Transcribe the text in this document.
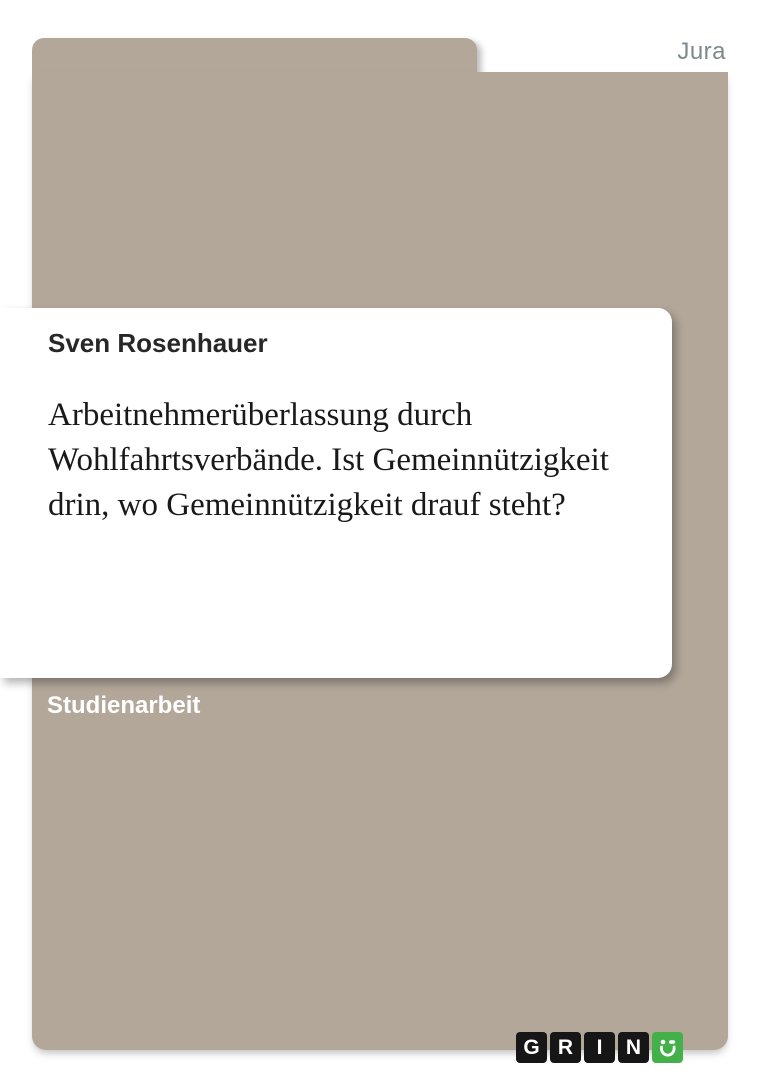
Jura
Sven Rosenhauer
Arbeitnehmerüberlassung durch
Wohlfahrtsverbände. Ist Gemeinnützigkeit
drin, wo Gemeinnützigkeit drauf steht?
Studienarbeit
G R	I	N
